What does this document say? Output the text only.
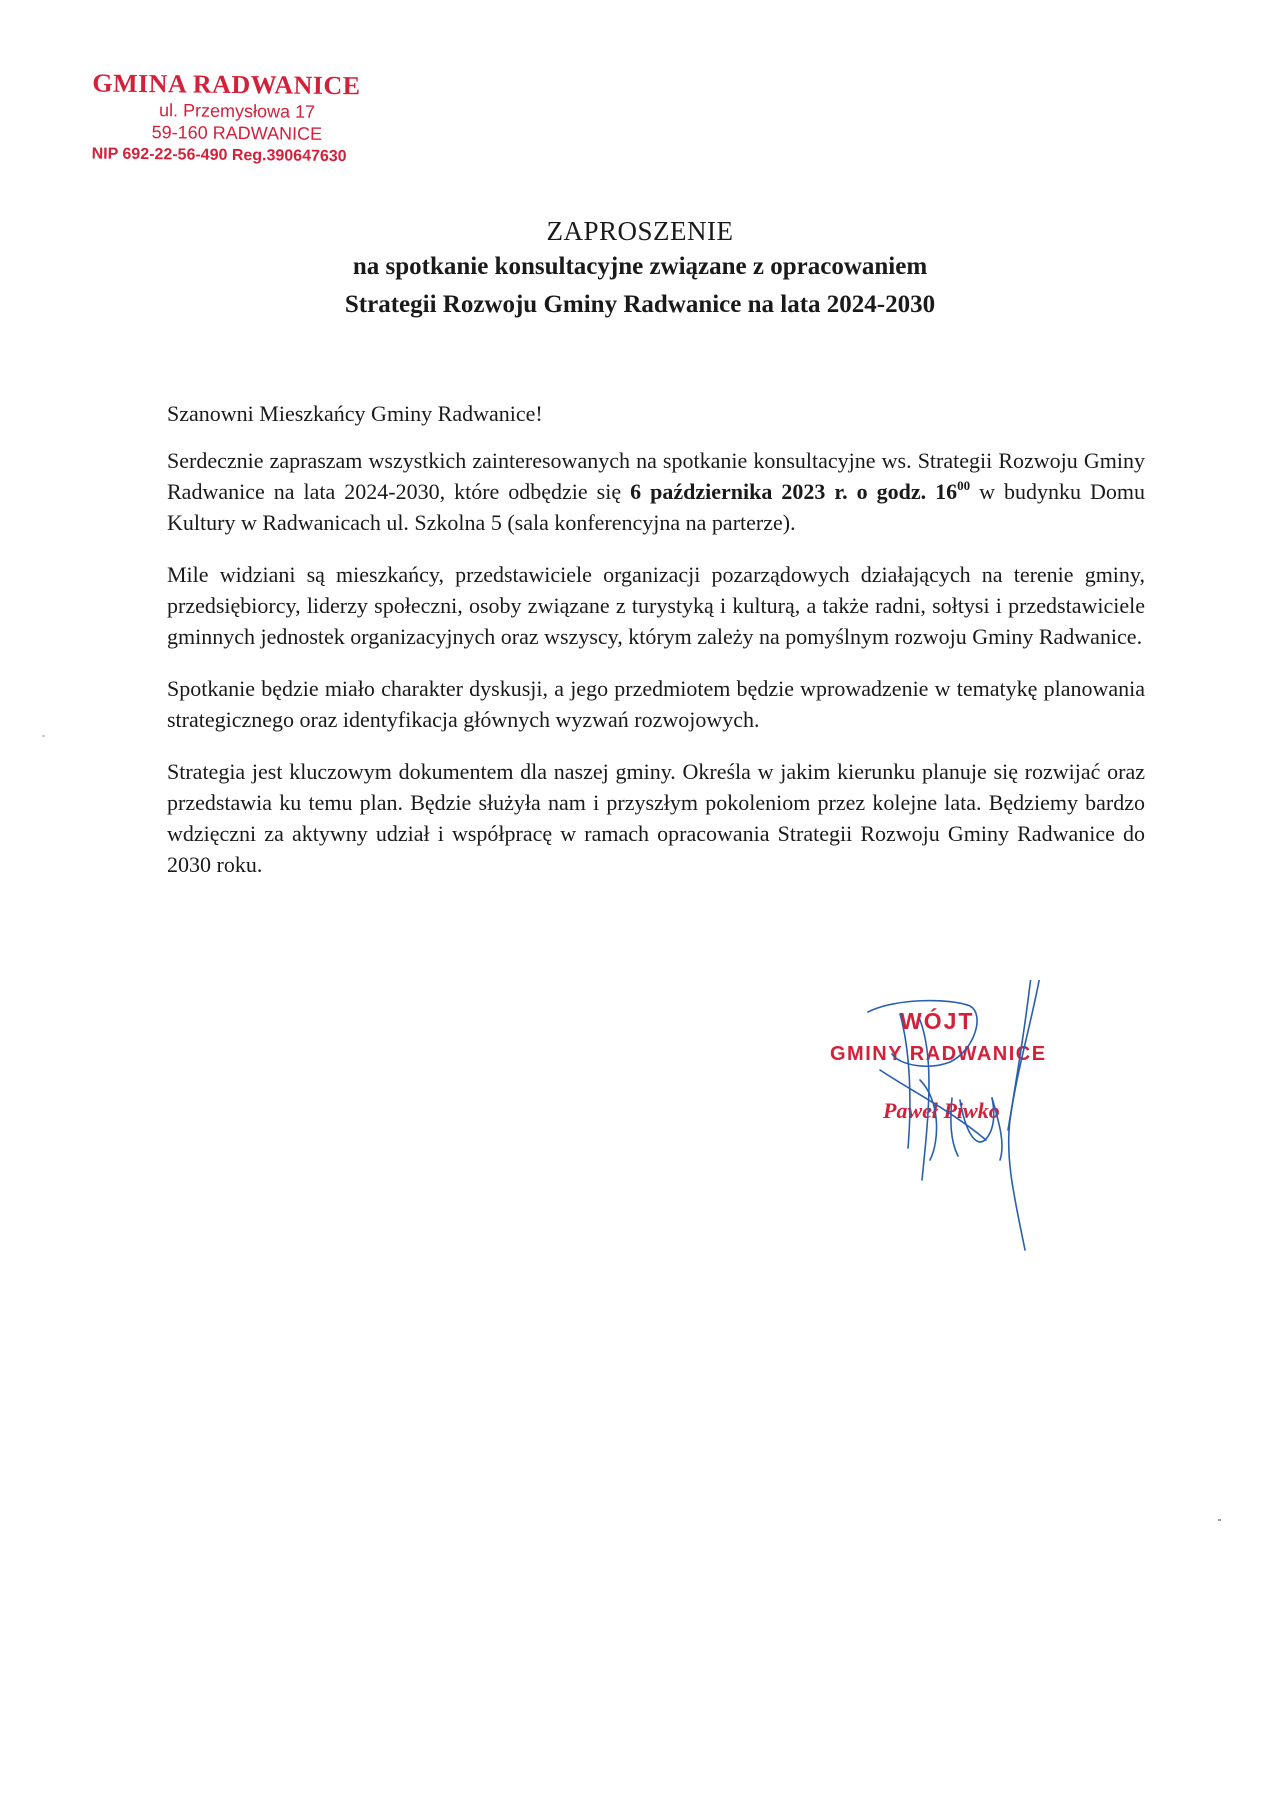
GMINA RADWANICE
ul. Przemysłowa 17
59-160 RADWANICE
NIP 692-22-56-490 Reg.390647630
ZAPROSZENIE
na spotkanie konsultacyjne związane z opracowaniem
Strategii Rozwoju Gminy Radwanice na lata 2024-2030

Szanowni Mieszkańcy Gminy Radwanice!

Serdecznie zapraszam wszystkich zainteresowanych na spotkanie konsultacyjne ws. Strategii Rozwoju Gminy Radwanice na lata 2024-2030, które odbędzie się 6 października 2023 r. o godz. $16^{00}$ w budynku Domu Kultury w Radwanicach ul. Szkolna 5 (sala konferencyjna na parterze).

Mile widziani są mieszkańcy, przedstawiciele organizacji pozarządowych działających na terenie gminy, przedsiębiorcy, liderzy społeczni, osoby związane z turystyką i kulturą, a także radni, sołtysi i przedstawiciele gminnych jednostek organizacyjnych oraz wszyscy, którym zależy na pomyślnym rozwoju Gminy Radwanice.

Spotkanie będzie miało charakter dyskusji, a jego przedmiotem będzie wprowadzenie w tematykę planowania strategicznego oraz identyfikacja głównych wyzwań rozwojowych.

Strategia jest kluczowym dokumentem dla naszej gminy. Określa w jakim kierunku planuje się rozwijać oraz przedstawia ku temu plan. Będzie służyła nam i przyszłym pokoleniom przez kolejne lata. Będziemy bardzo wdzięczni za aktywny udział i współpracę w ramach opracowania Strategii Rozwoju Gminy Radwanice do 2030 roku.

WÓJT
GMINY RADWANICE
Paweł Piwko
